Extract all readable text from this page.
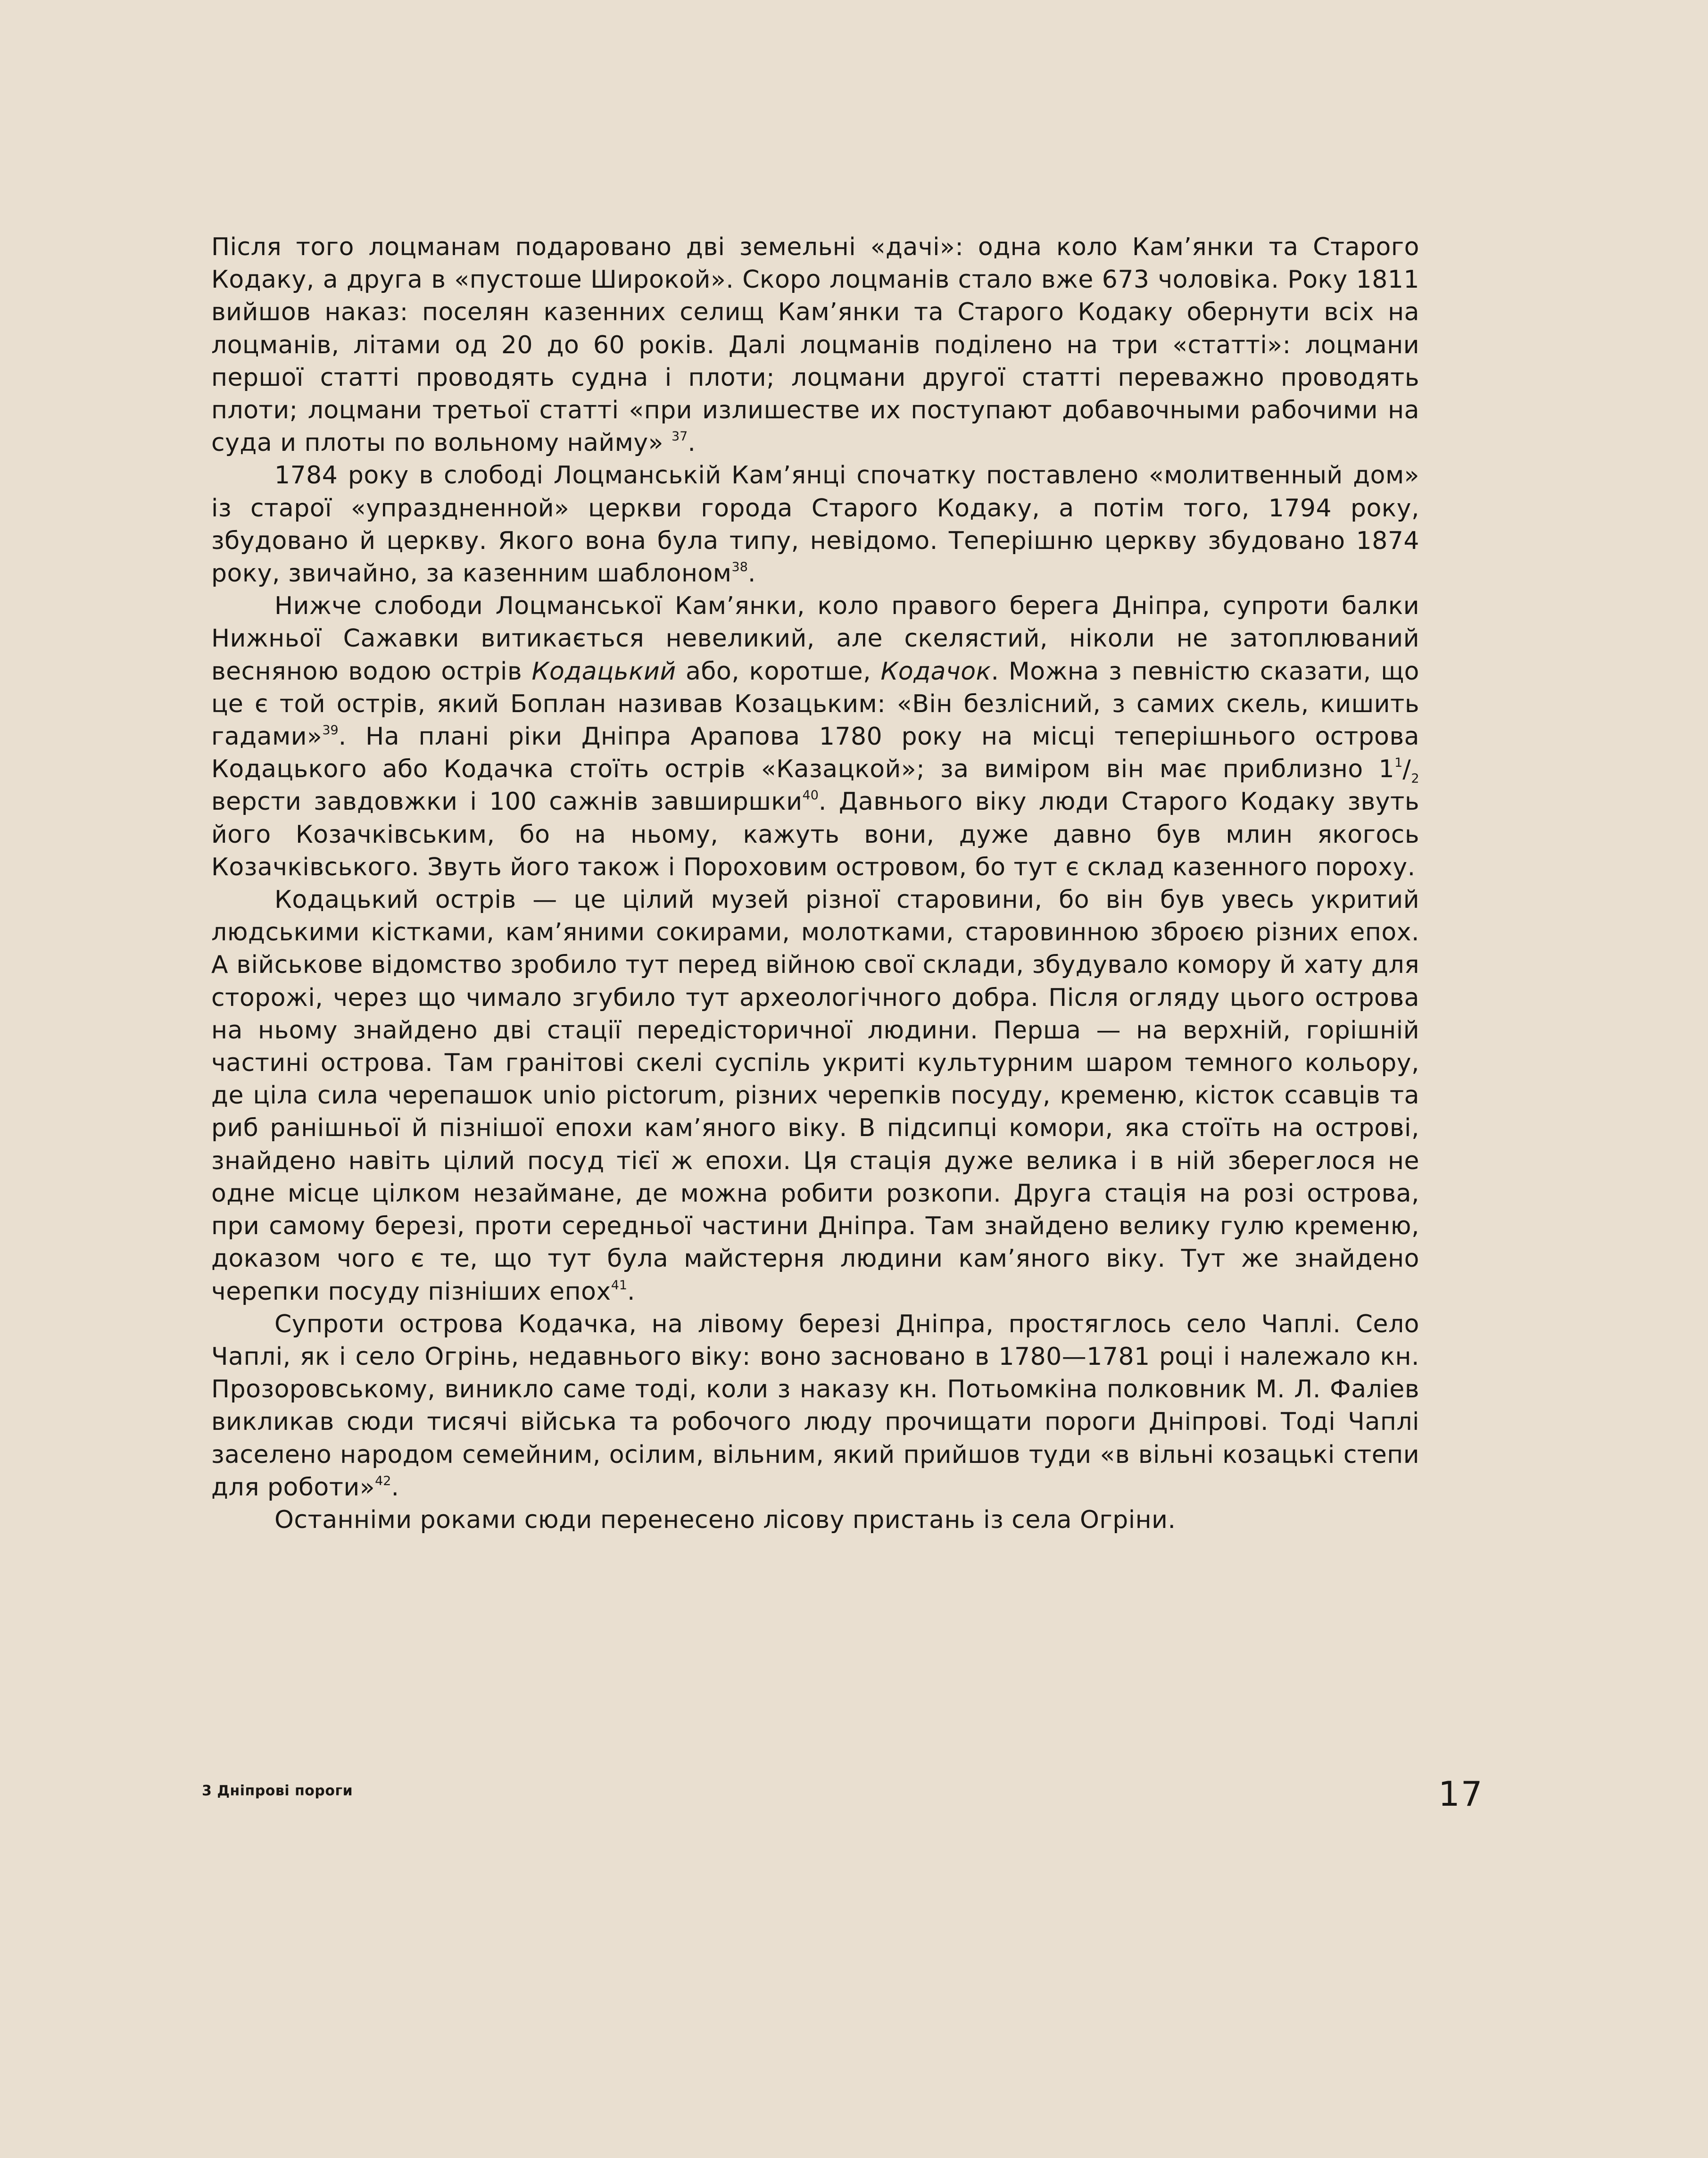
Після того лоцманам подаровано дві земельні «дачі»: одна коло Кам’янки та Старого Кодаку, а друга в «пустоше Широкой». Скоро лоцманів стало вже 673 чоловіка. Року 1811 вийшов наказ: поселян казенних селищ Кам’янки та Старого Кодаку обернути всіх на лоцманів, літами од 20 до 60 років. Далі лоцманів поділено на три «статті»: лоцмани першої статті проводять судна і плоти; лоцмани другої статті переважно проводять плоти; лоцмани третьої статті «при излишестве их поступают добавочными рабочими на суда и плоты по вольному найму» $^{37}$.

1784 року в слободі Лоцманській Кам’янці спочатку поставлено «молитвенный дом» із старої «упраздненной» церкви города Старого Кодаку, а потім того, 1794 року, збудовано й церкву. Якого вона була типу, невідомо. Теперішню церкву збудовано 1874 року, звичайно, за казенним шаблоном$^{38}$.

Нижче слободи Лоцманської Кам’янки, коло правого берега Дніпра, супроти балки Нижньої Сажавки витикається невеликий, але скелястий, ніколи не затоплюваний весняною водою острів Кодацький або, коротше, Кодачок. Можна з певністю сказати, що це є той острів, який Боплан називав Козацьким: «Він безлісний, з самих скель, кишить гадами»$^{39}$. На плані ріки Дніпра Арапова 1780 року на місці теперішнього острова Кодацького або Кодачка стоїть острів «Казацкой»; за виміром він має приблизно $1^1/_2$ версти завдовжки і 100 сажнів завширшки$^{40}$. Давнього віку люди Старого Кодаку звуть його Козачківським, бо на ньому, кажуть вони, дуже давно був млин якогось Козачківського. Звуть його також і Пороховим островом, бо тут є склад казенного пороху.

Кодацький острів — це цілий музей різної старовини, бо він був увесь укритий людськими кістками, кам’яними сокирами, молотками, старовинною зброєю різних епох. А військове відомство зробило тут перед війною свої склади, збудувало комору й хату для сторожі, через що чимало згубило тут археологічного добра. Після огляду цього острова на ньому знайдено дві стації передісторичної людини. Перша — на верхній, горішній частині острова. Там гранітові скелі суспіль укриті культурним шаром темного кольору, де ціла сила черепашок unio pictorum, різних черепків посуду, кременю, кісток ссавців та риб ранішньої й пізнішої епохи кам’яного віку. В підсипці комори, яка стоїть на острові, знайдено навіть цілий посуд тієї ж епохи. Ця стація дуже велика і в ній збереглося не одне місце цілком незаймане, де можна робити розкопи. Друга стація на розі острова, при самому березі, проти середньої частини Дніпра. Там знайдено велику гулю кременю, доказом чого є те, що тут була майстерня людини кам’яного віку. Тут же знайдено черепки посуду пізніших епох$^{41}$.

Супроти острова Кодачка, на лівому березі Дніпра, простяглось село Чаплі. Село Чаплі, як і село Огрінь, недавнього віку: воно засновано в 1780—1781 році і належало кн. Прозоровському, виникло саме тоді, коли з наказу кн. Потьомкіна полковник М. Л. Фаліев викликав сюди тисячі війська та робочого люду прочищати пороги Дніпрові. Тоді Чаплі заселено народом семейним, осілим, вільним, який прийшов туди «в вільні козацькі степи для роботи»$^{42}$.

Останніми роками сюди перенесено лісову пристань із села Огріни.

3 Дніпрові пороги	17
